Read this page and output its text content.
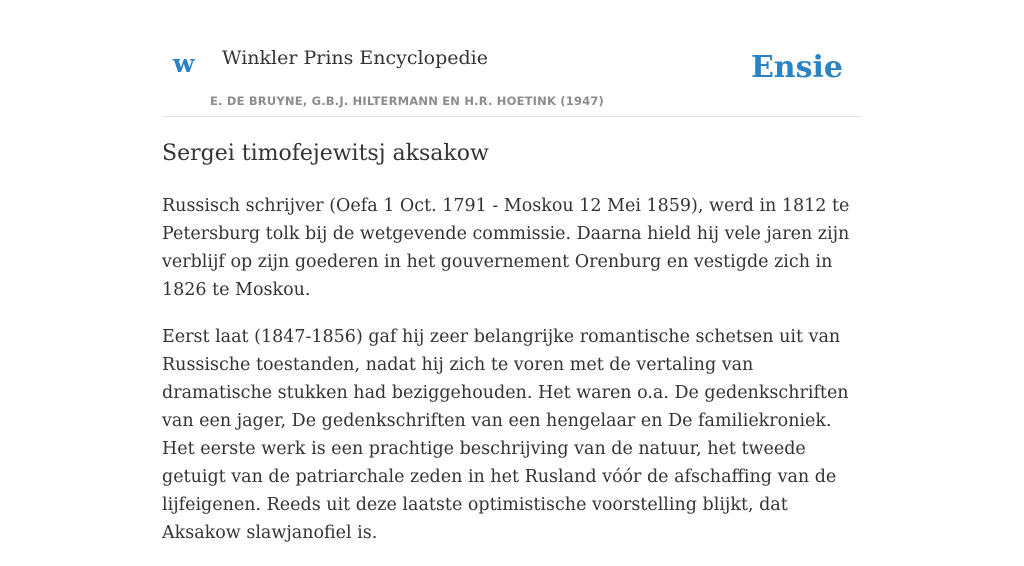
w Winkler Prins Encyclopedie
E. DE BRUYNE, G.B.J. HILTERMANN EN H.R. HOETINK (1947)
Ensie
Sergei timofejewitsj aksakow

Russisch schrijver (Oefa 1 Oct. 1791 - Moskou 12 Mei 1859), werd in 1812 te Petersburg tolk bij de wetgevende commissie. Daarna hield hij vele jaren zijn verblijf op zijn goederen in het gouvernement Orenburg en vestigde zich in 1826 te Moskou.

Eerst laat (1847-1856) gaf hij zeer belangrijke romantische schetsen uit van Russische toestanden, nadat hij zich te voren met de vertaling van dramatische stukken had beziggehouden. Het waren o.a. De gedenkschriften van een jager, De gedenkschriften van een hengelaar en De familiekroniek. Het eerste werk is een prachtige beschrijving van de natuur, het tweede getuigt van de patriarchale zeden in het Rusland vóór de afschaffing van de lijfeigenen. Reeds uit deze laatste optimistische voorstelling blijkt, dat Aksakow slawjanofiel is.
